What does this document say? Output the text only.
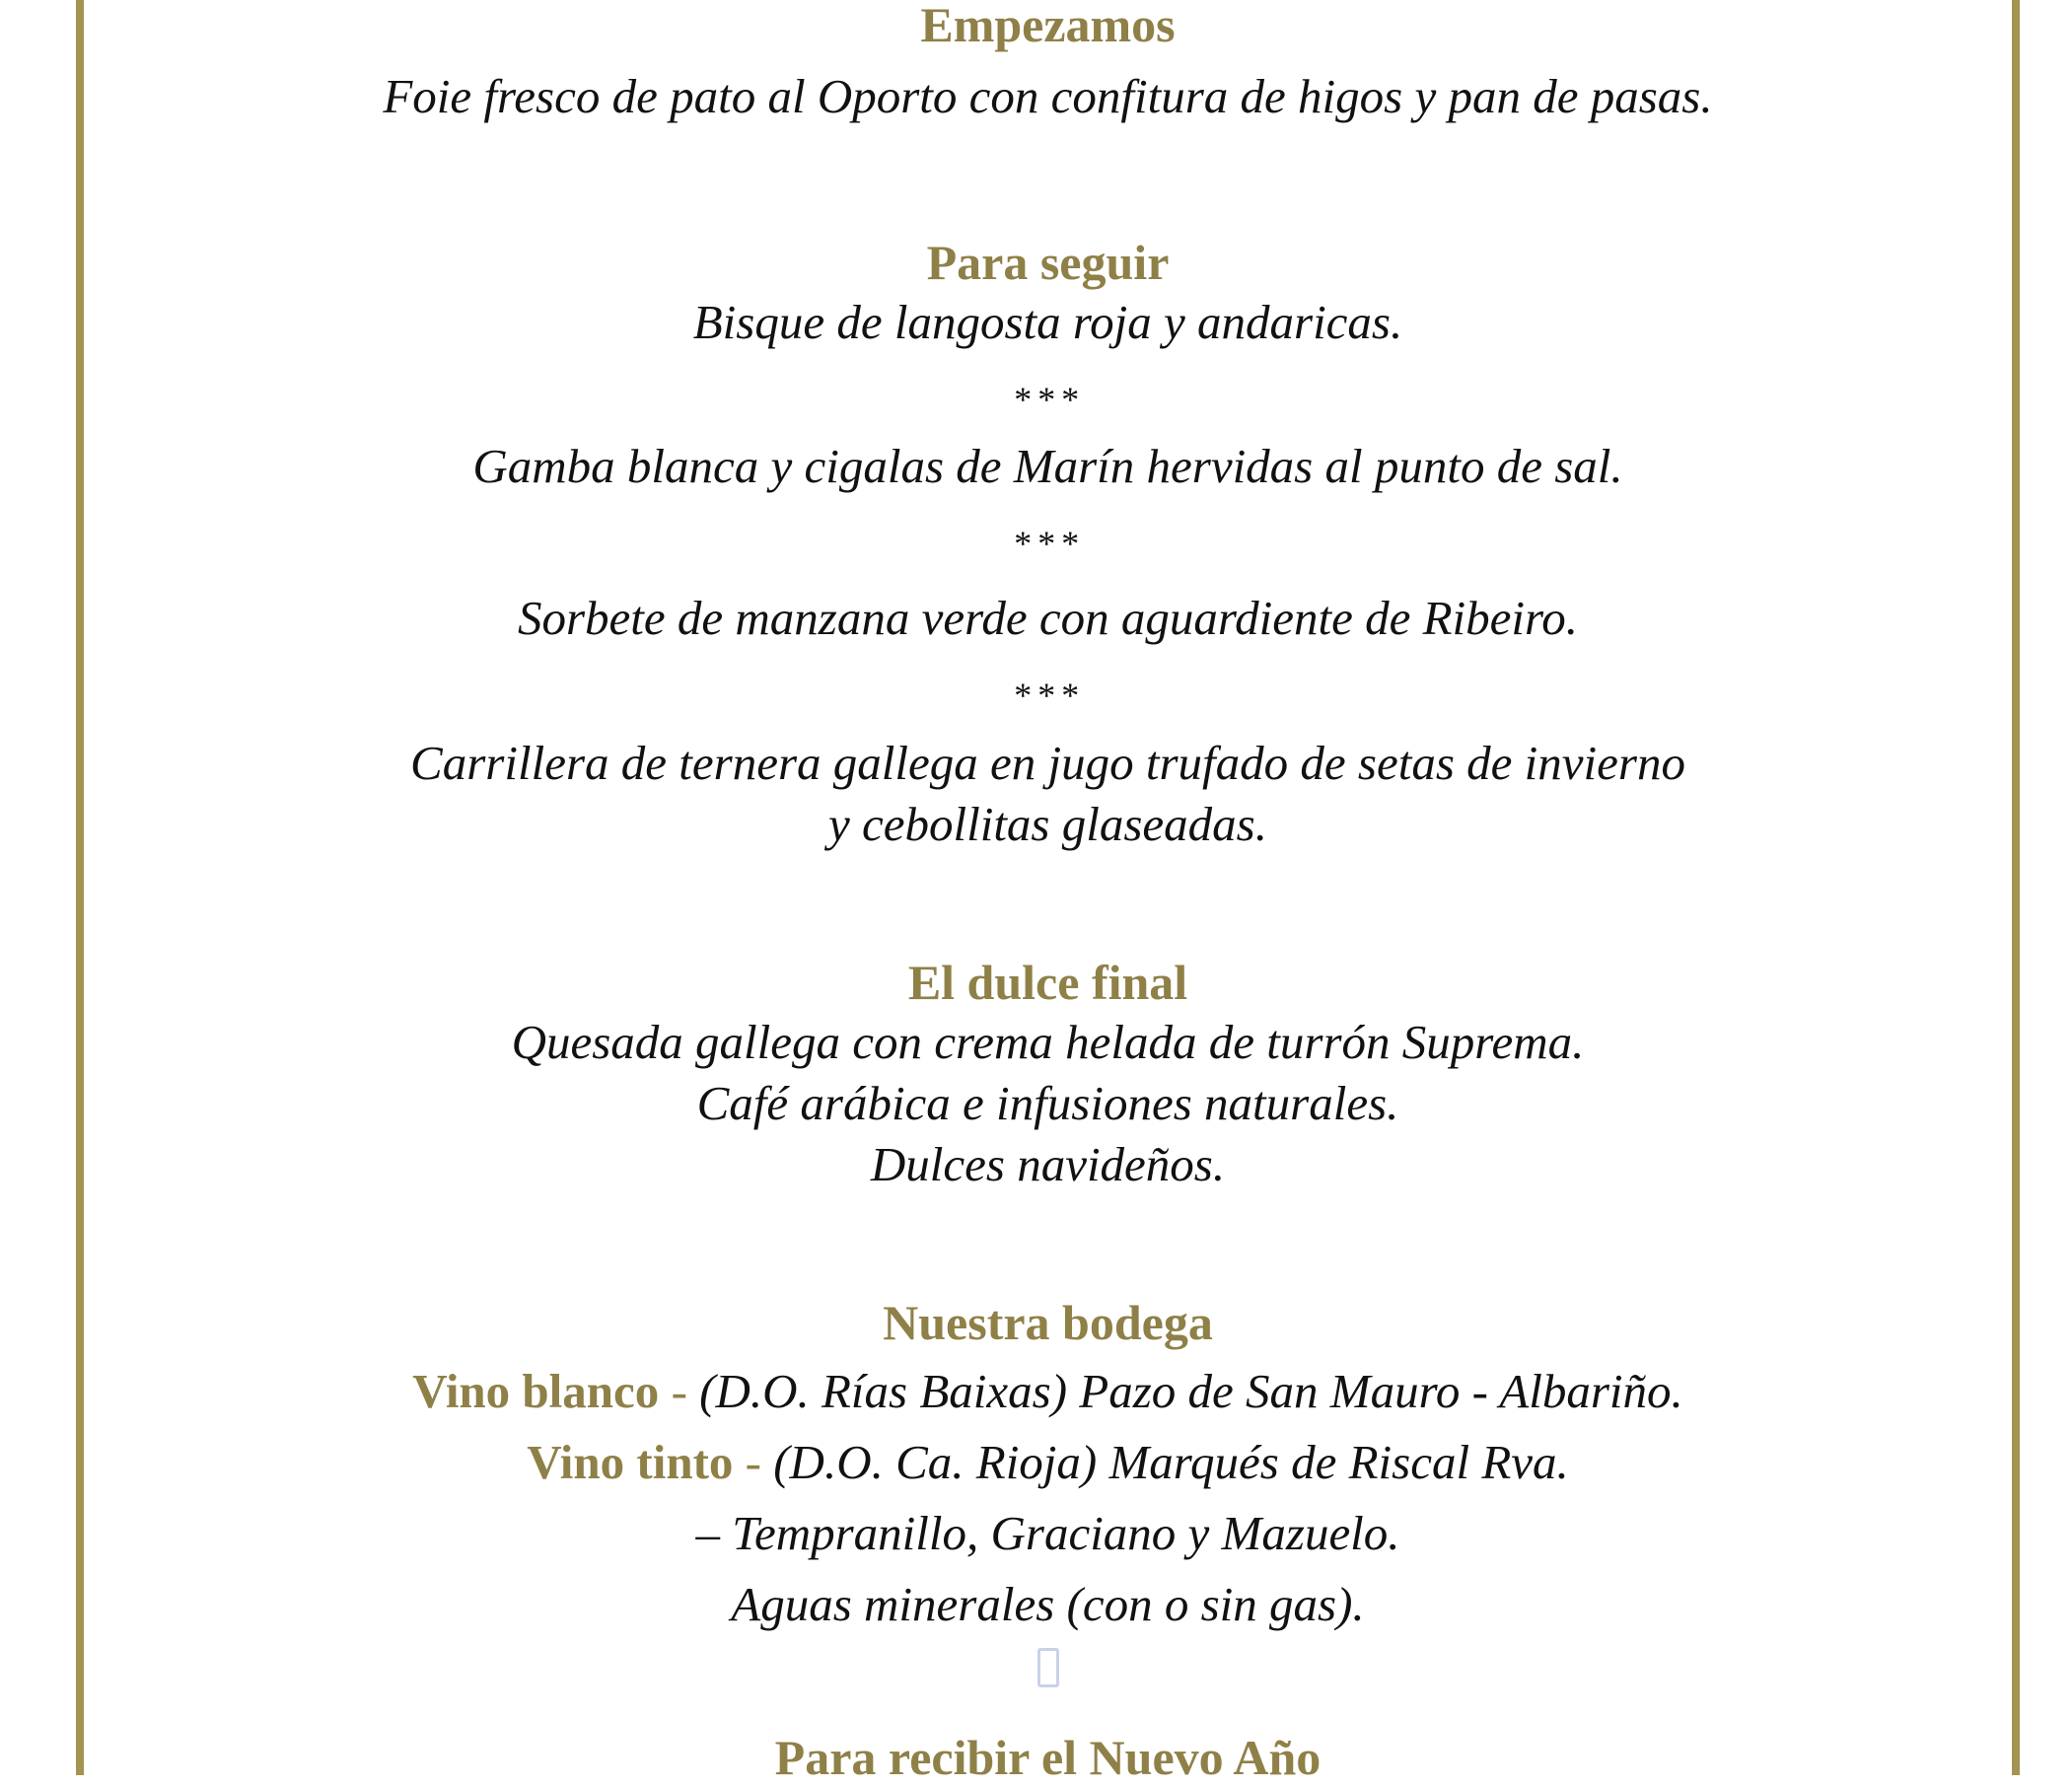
Empezamos
Foie fresco de pato al Oporto con confitura de higos y pan de pasas.
Para seguir
Bisque de langosta roja y andaricas.
***
Gamba blanca y cigalas de Marín hervidas al punto de sal.
***
Sorbete de manzana verde con aguardiente de Ribeiro.
***
Carrillera de ternera gallega en jugo trufado de setas de invierno
y cebollitas glaseadas.
El dulce final
Quesada gallega con crema helada de turrón Suprema.
Café arábica e infusiones naturales.
Dulces navideños.
Nuestra bodega
Vino blanco - (D.O. Rías Baixas) Pazo de San Mauro - Albariño.
Vino tinto - (D.O. Ca. Rioja) Marqués de Riscal Rva.
– Tempranillo, Graciano y Mazuelo.
Aguas minerales (con o sin gas).
Para recibir el Nuevo Año
